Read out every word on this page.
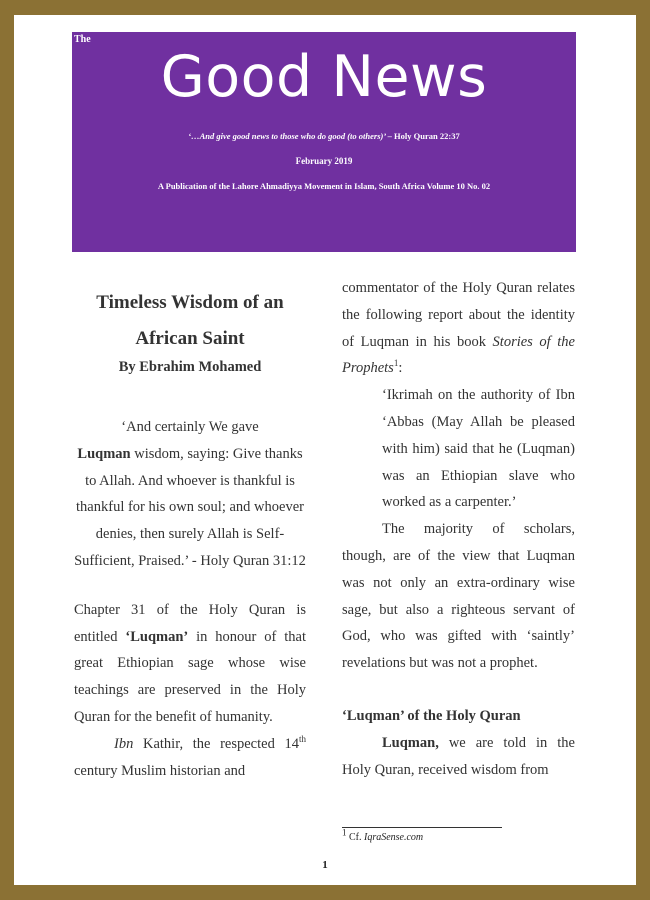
The
Good News
‘…And give good news to those who do good (to others)’ – Holy Quran 22:37
February 2019
A Publication of the Lahore Ahmadiyya Movement in Islam, South Africa Volume 10 No. 02

Timeless Wisdom of an

African Saint

By Ebrahim Mohamed

‘And certainly We gave
Luqman wisdom, saying: Give thanks to Allah. And whoever is thankful is thankful for his own soul; and whoever denies, then surely Allah is Self-Sufficient, Praised.’ - Holy Quran 31:12

Chapter 31 of the Holy Quran is entitled ‘Luqman’ in honour of that great Ethiopian sage whose wise teachings are preserved in the Holy Quran for the benefit of humanity.

Ibn Kathir, the respected 14th century Muslim historian and

commentator of the Holy Quran relates the following report about the identity of Luqman in his book Stories of the Prophets$^1$:

‘Ikrimah on the authority of Ibn ‘Abbas (May Allah be pleased with him) said that he (Luqman) was an Ethiopian slave who worked as a carpenter.’

The majority of scholars, though, are of the view that Luqman was not only an extra-ordinary wise sage, but also a righteous servant of God, who was gifted with ‘saintly’ revelations but was not a prophet.

‘Luqman’ of the Holy Quran

Luqman, we are told in the Holy Quran, received wisdom from

$^1$ Cf. IqraSense.com
1
